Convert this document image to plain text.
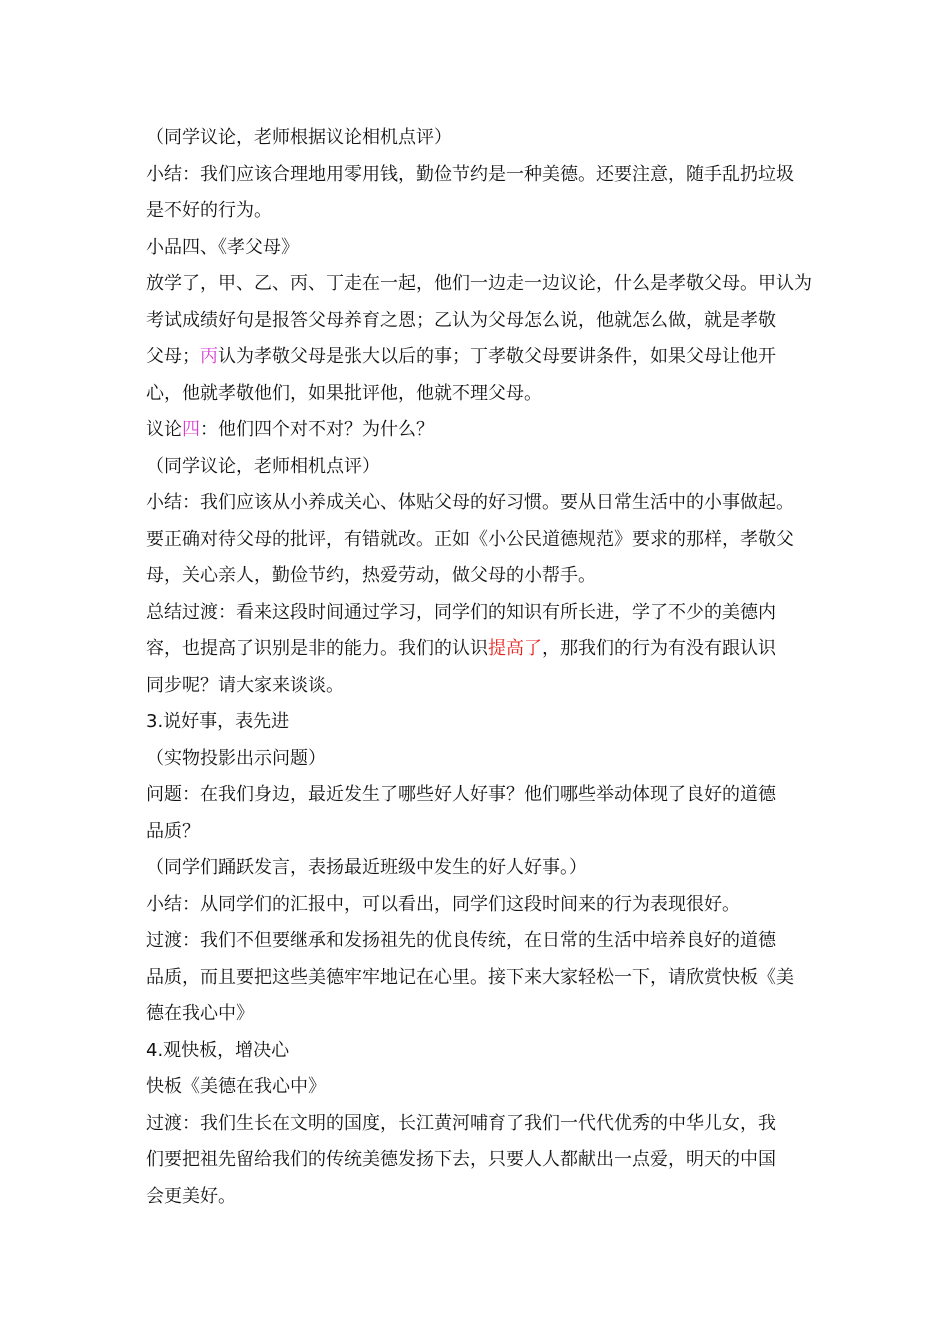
（同学议论，老师根据议论相机点评）
小结：我们应该合理地用零用钱，勤俭节约是一种美德。还要注意，随手乱扔垃圾
是不好的行为。
小品四、《孝父母》
放学了，甲、乙、丙、丁走在一起，他们一边走一边议论，什么是孝敬父母。甲认为
考试成绩好句是报答父母养育之恩；乙认为父母怎么说，他就怎么做，就是孝敬
父母；丙认为孝敬父母是张大以后的事；丁孝敬父母要讲条件，如果父母让他开
心，他就孝敬他们，如果批评他，他就不理父母。
议论四：他们四个对不对？为什么？
（同学议论，老师相机点评）
小结：我们应该从小养成关心、体贴父母的好习惯。要从日常生活中的小事做起。
要正确对待父母的批评，有错就改。正如《小公民道德规范》要求的那样，孝敬父
母，关心亲人，勤俭节约，热爱劳动，做父母的小帮手。
总结过渡：看来这段时间通过学习，同学们的知识有所长进，学了不少的美德内
容，也提高了识别是非的能力。我们的认识提高了，那我们的行为有没有跟认识
同步呢？请大家来谈谈。
3.说好事，表先进
（实物投影出示问题）
问题：在我们身边，最近发生了哪些好人好事？他们哪些举动体现了良好的道德
品质？
（同学们踊跃发言，表扬最近班级中发生的好人好事。）
小结：从同学们的汇报中，可以看出，同学们这段时间来的行为表现很好。
过渡：我们不但要继承和发扬祖先的优良传统，在日常的生活中培养良好的道德
品质，而且要把这些美德牢牢地记在心里。接下来大家轻松一下，请欣赏快板《美
德在我心中》
4.观快板，增决心
快板《美德在我心中》
过渡：我们生长在文明的国度，长江黄河哺育了我们一代代优秀的中华儿女，我
们要把祖先留给我们的传统美德发扬下去，只要人人都献出一点爱，明天的中国
会更美好。
